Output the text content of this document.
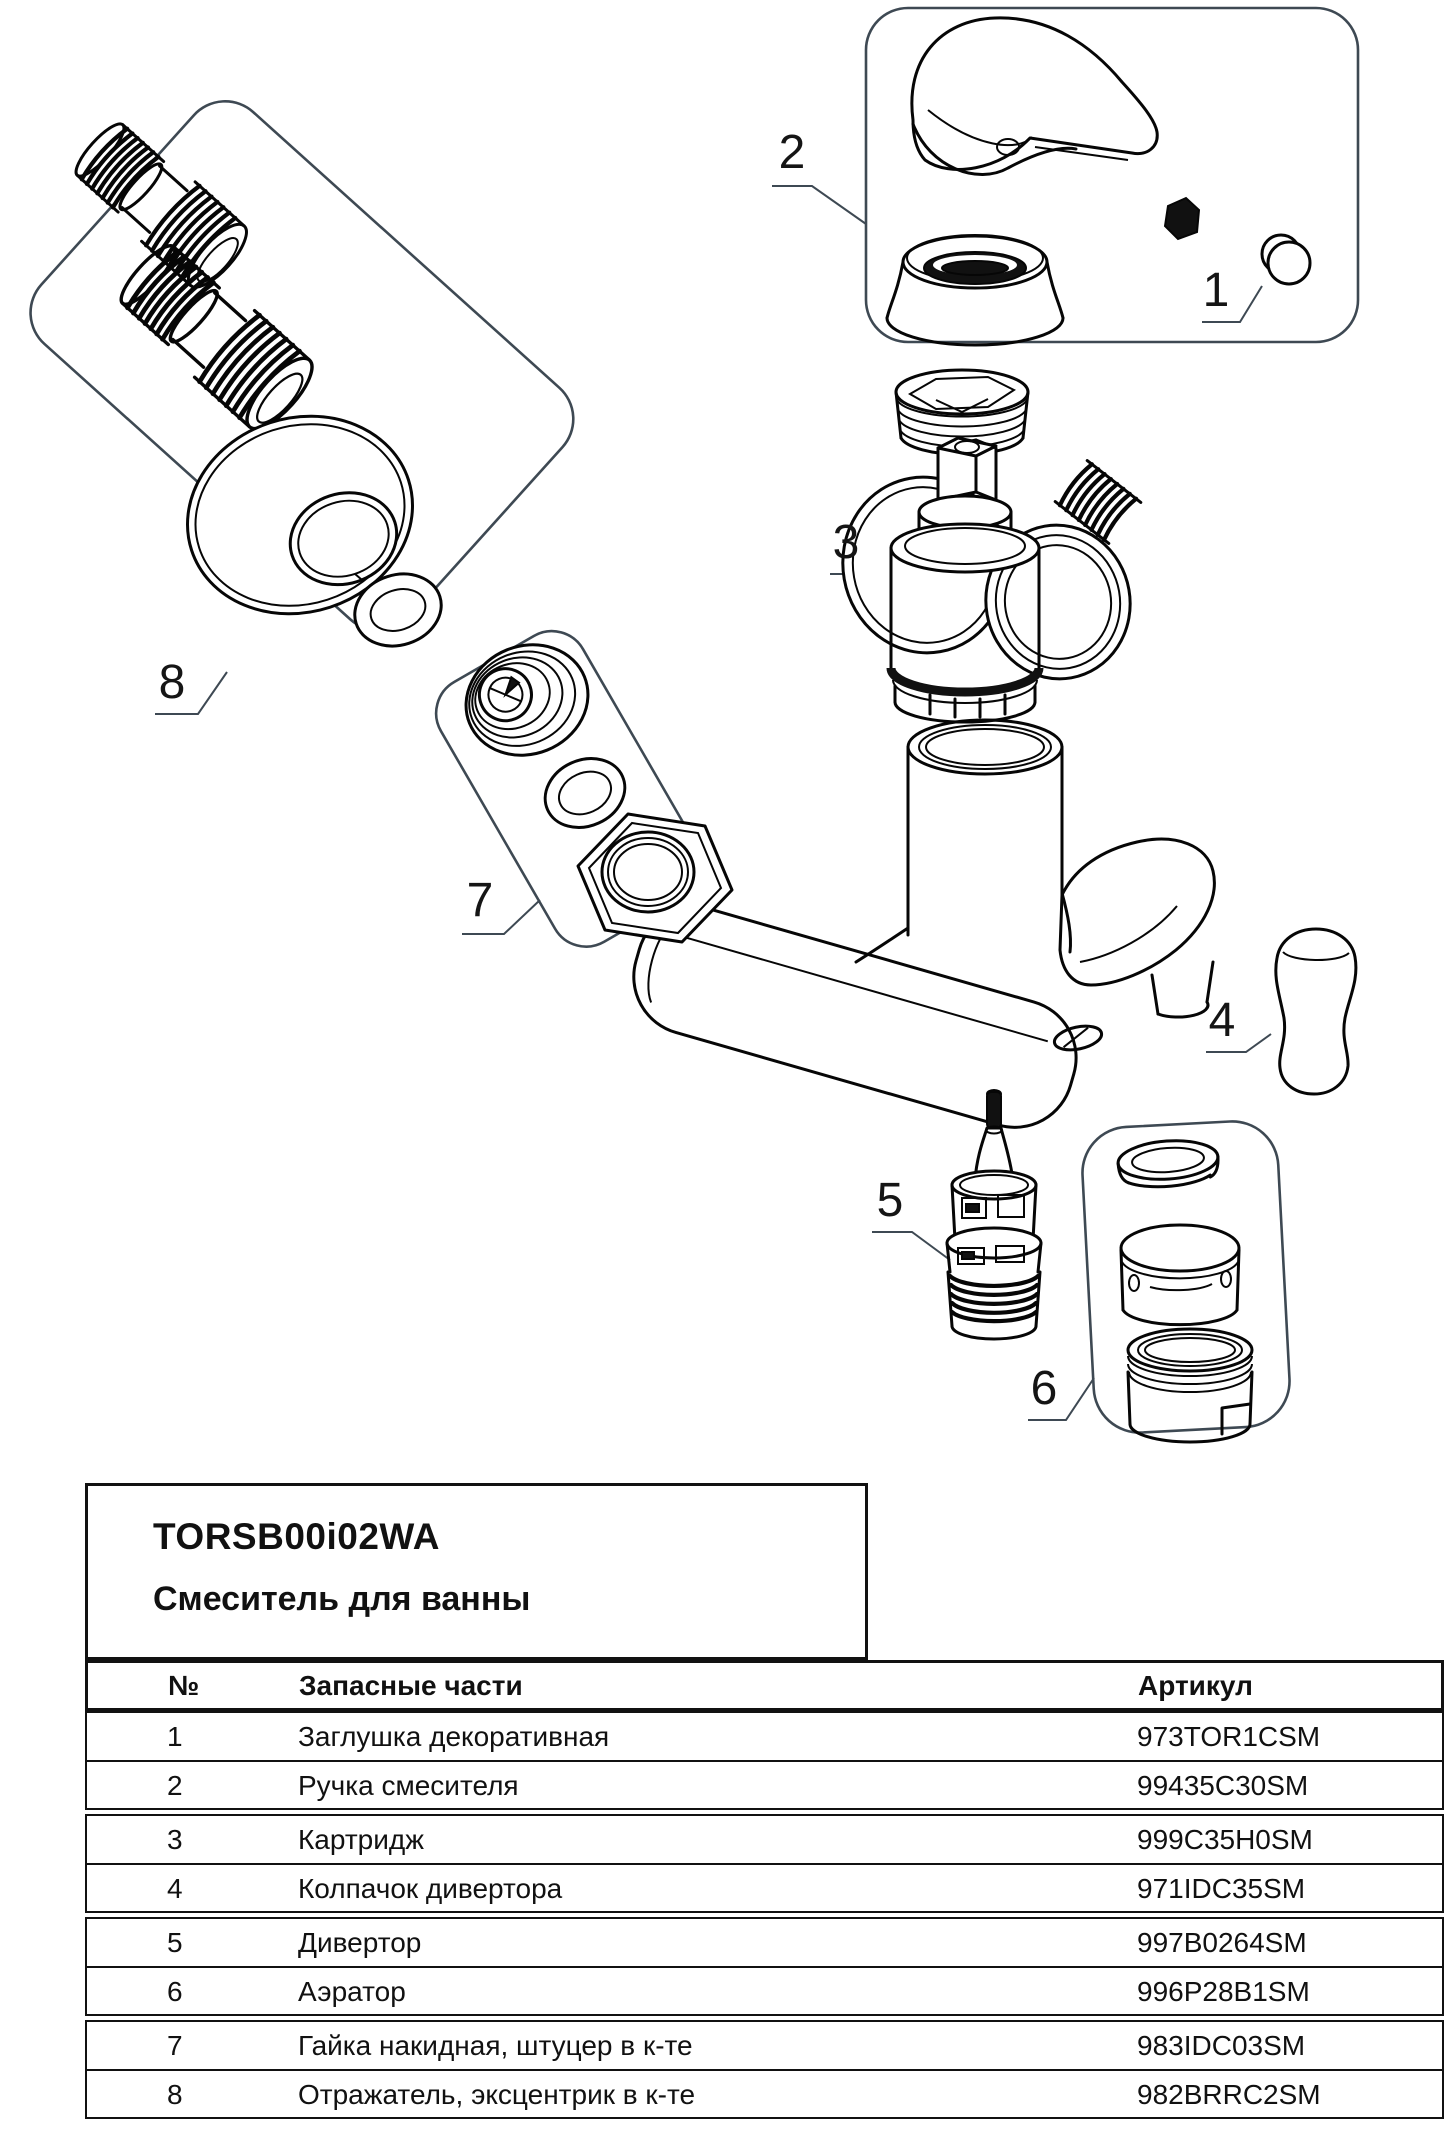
2
1
3
4
5
6
7
8
TORSB00i02WA
Смеситель для ванны
№	Запасные части	Артикул
1	Заглушка декоративная	973TOR1CSM
2	Ручка смесителя	99435C30SM
3	Картридж	999C35H0SM
4	Колпачок дивертора	971IDC35SM
5	Дивертор	997B0264SM
6	Аэратор	996P28B1SM
7	Гайка накидная, штуцер в к-те	983IDC03SM
8	Отражатель, эксцентрик в к-те	982BRRC2SM
